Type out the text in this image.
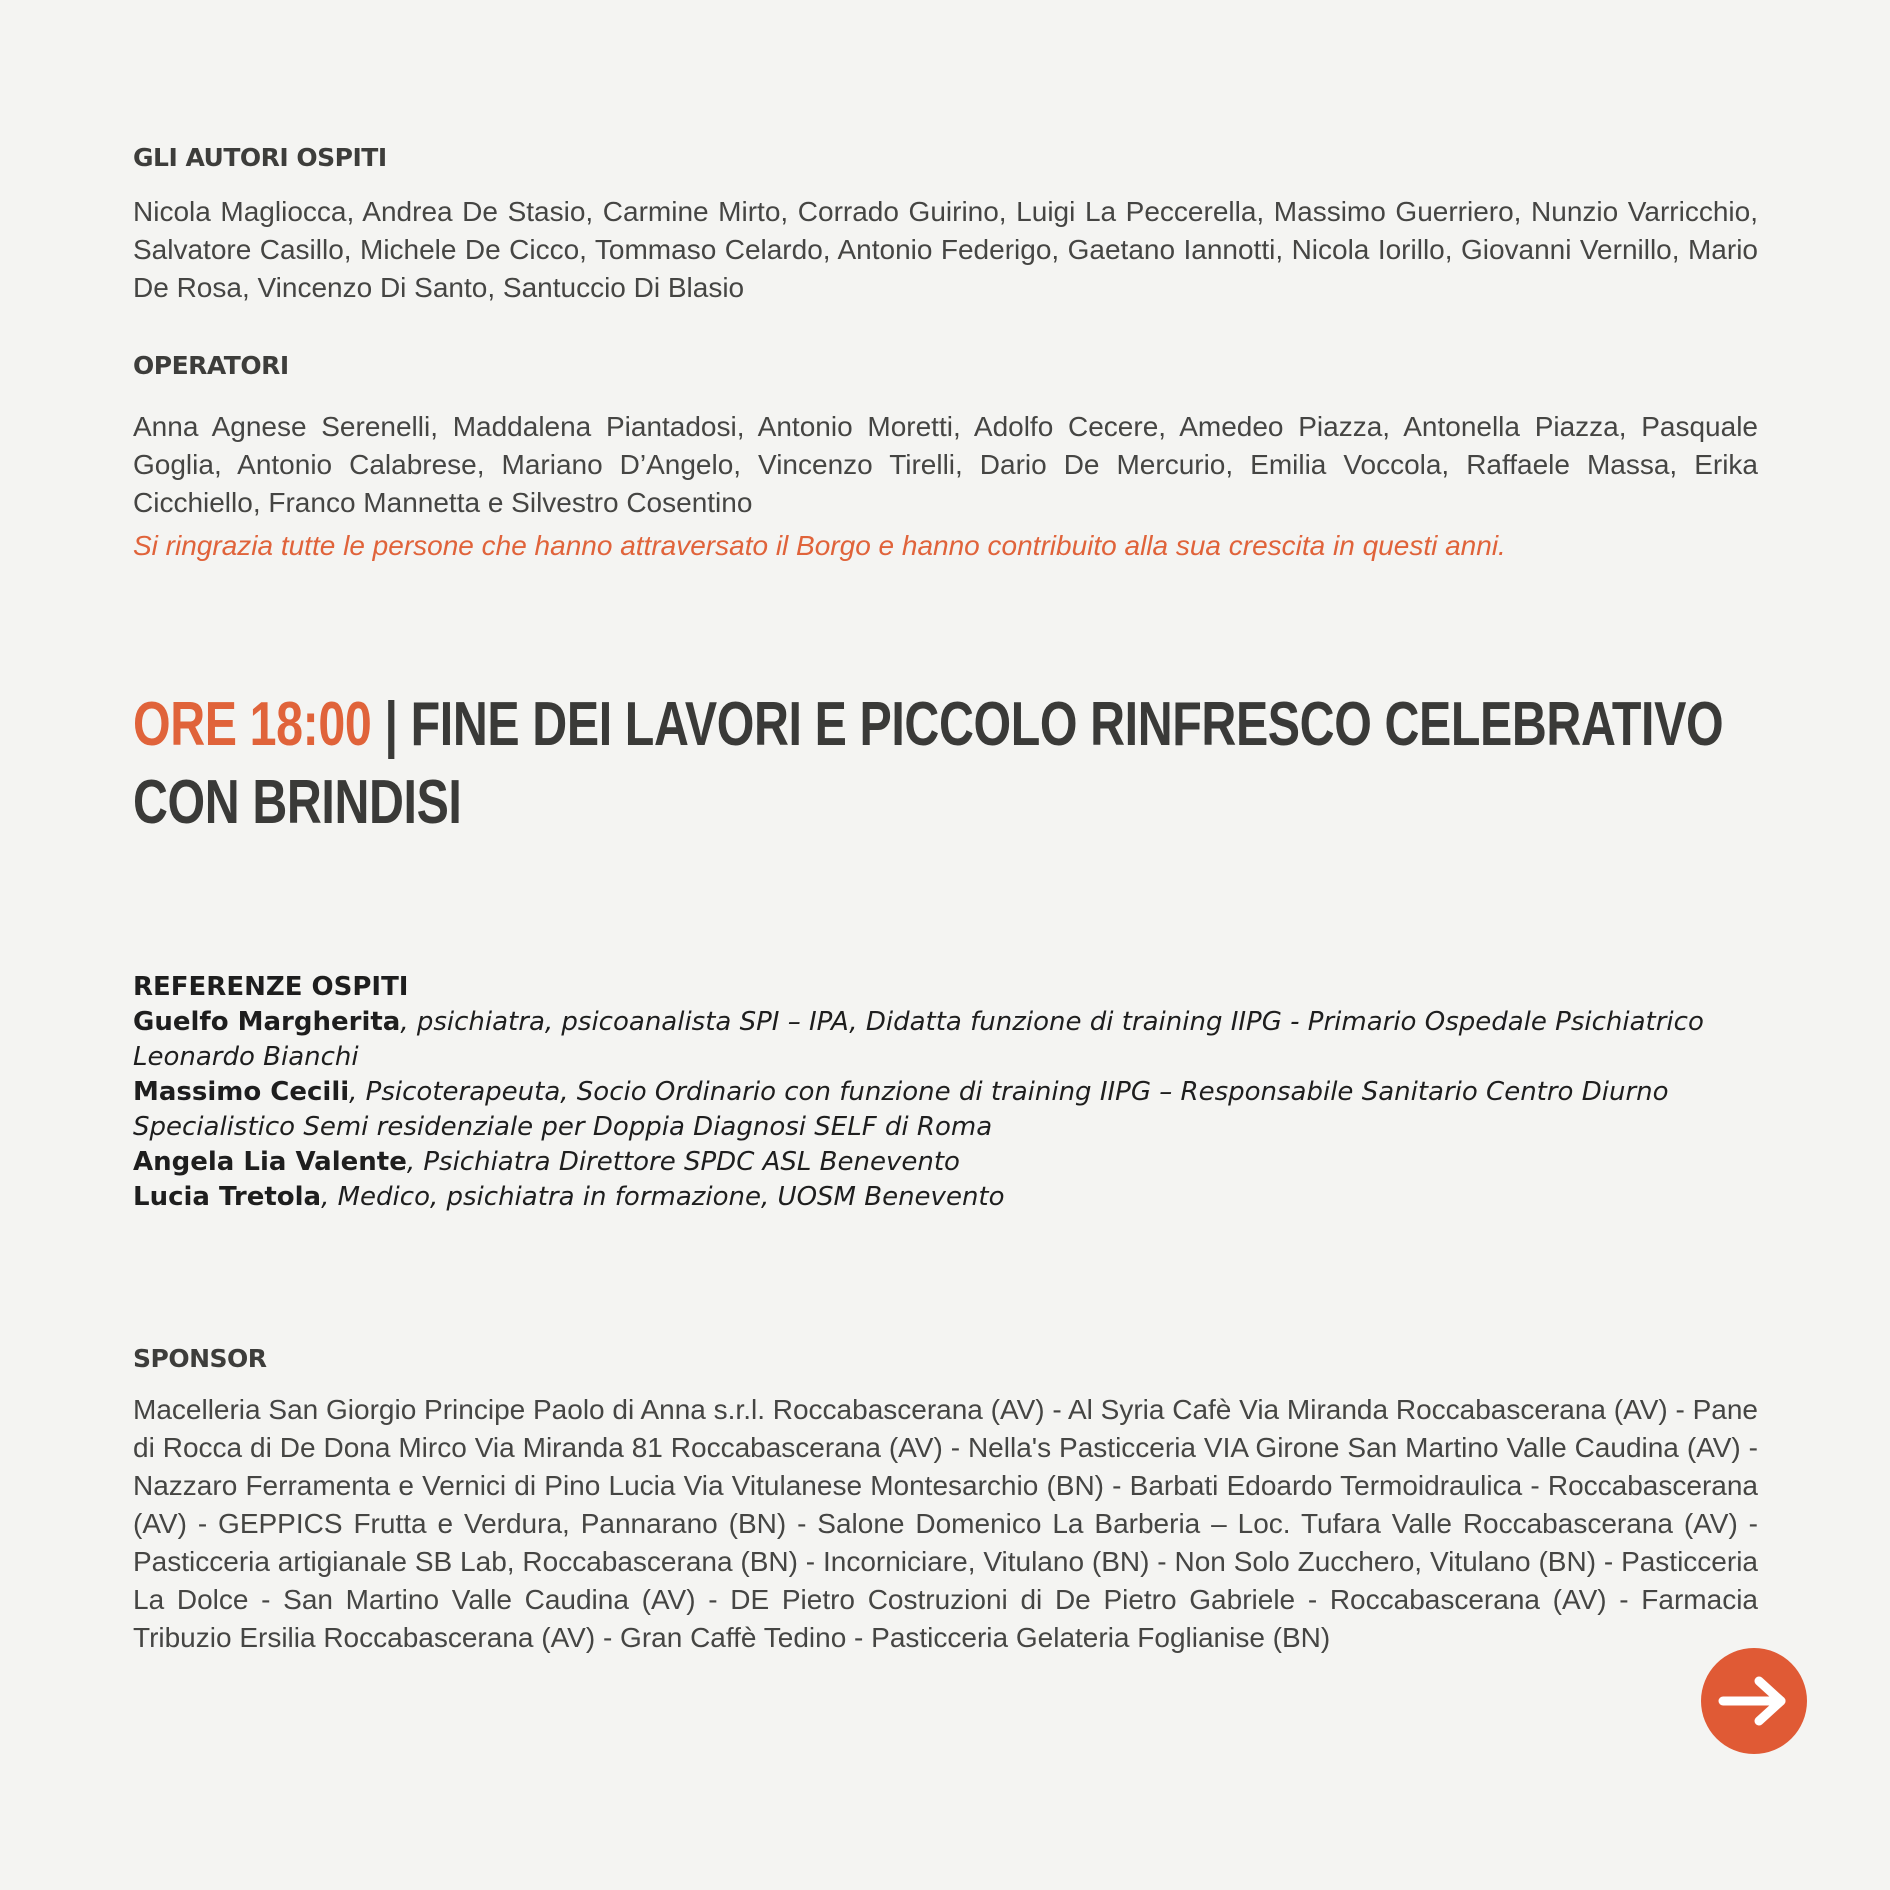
GLI AUTORI OSPITI

Nicola Magliocca, Andrea De Stasio, Carmine Mirto, Corrado Guirino, Luigi La Peccerella, Massimo Guerriero, Nunzio Varricchio, Salvatore Casillo, Michele De Cicco, Tommaso Celardo, Antonio Federigo, Gaetano Iannotti, Nicola Iorillo, Giovanni Vernillo, Mario De Rosa, Vincenzo Di Santo, Santuccio Di Blasio

OPERATORI

Anna Agnese Serenelli, Maddalena Piantadosi, Antonio Moretti, Adolfo Cecere, Amedeo Piazza, Antonella Piazza, Pasquale Goglia, Antonio Calabrese, Mariano D’Angelo, Vincenzo Tirelli, Dario De Mercurio, Emilia Voccola, Raffaele Massa, Erika Cicchiello, Franco Mannetta e Silvestro Cosentino

Si ringrazia tutte le persone che hanno attraversato il Borgo e hanno contribuito alla sua crescita in questi anni.

ORE 18:00 | FINE DEI LAVORI E PICCOLO RINFRESCO CELEBRATIVO
CON BRINDISI
REFERENZE OSPITI
Guelfo Margherita, psichiatra, psicoanalista SPI – IPA, Didatta funzione di training IIPG - Primario Ospedale Psichiatrico Leonardo Bianchi
Massimo Cecili, Psicoterapeuta, Socio Ordinario con funzione di training IIPG – Responsabile Sanitario Centro Diurno Specialistico Semi residenziale per Doppia Diagnosi SELF di Roma
Angela Lia Valente, Psichiatra Direttore SPDC ASL Benevento
Lucia Tretola, Medico, psichiatra in formazione, UOSM Benevento
SPONSOR

Macelleria San Giorgio Principe Paolo di Anna s.r.l. Roccabascerana (AV) - Al Syria Cafè Via Miranda Roccabascerana (AV) - Pane di Rocca di De Dona Mirco Via Miranda 81 Roccabascerana (AV) - Nella's Pasticceria VIA Girone San Martino Valle Caudina (AV) - Nazzaro Ferramenta e Vernici di Pino Lucia Via Vitulanese Montesarchio (BN) - Barbati Edoardo Termoidraulica - Roccabascerana (AV) - GEPPICS Frutta e Verdura, Pannarano (BN) - Salone Domenico La Barberia – Loc. Tufara Valle Roccabascerana (AV) - Pasticceria artigianale SB Lab, Roccabascerana (BN) - Incorniciare, Vitulano (BN) - Non Solo Zucchero, Vitulano (BN) - Pasticceria La Dolce - San Martino Valle Caudina (AV) - DE Pietro Costruzioni di De Pietro Gabriele - Roccabascerana (AV) - Farmacia Tribuzio Ersilia Roccabascerana (AV) - Gran Caffè Tedino - Pasticceria Gelateria Foglianise (BN)
